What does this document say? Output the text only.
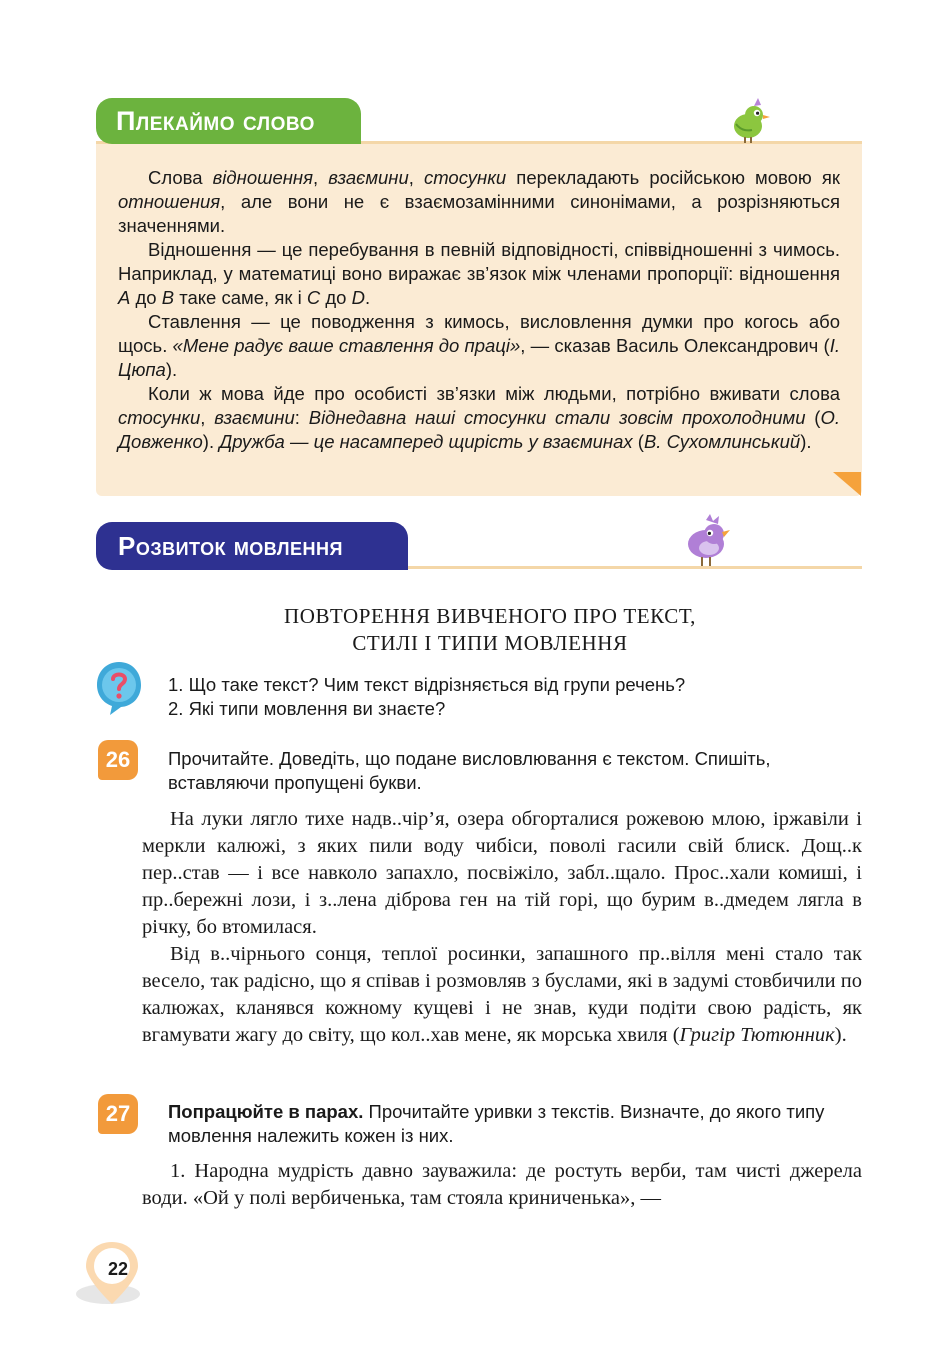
Плекаймо слово

Слова відношення, взаємини, стосунки перекладають російською мовою як отношения, але вони не є взаємозамінними синонімами, а розрізняються значеннями.

Відношення — це перебування в певній відповідності, співвідношенні з чимось. Наприклад, у математиці воно виражає зв’язок між членами пропорції: відношення A до B таке саме, як і C до D.

Ставлення — це поводження з кимось, висловлення думки про когось або щось. «Мене радує ваше ставлення до праці», — сказав Василь Олександрович (І. Цюпа).

Коли ж мова йде про особисті зв’язки між людьми, потрібно вживати слова стосунки, взаємини: Віднедавна наші стосунки стали зовсім прохолодними (О. Довженко). Дружба — це насамперед щирість у взаєминах (В. Сухомлинський).

Розвиток мовлення
ПОВТОРЕННЯ ВИВЧЕНОГО ПРО ТЕКСТ,
СТИЛІ І ТИПИ МОВЛЕННЯ
1. Що таке текст? Чим текст відрізняється від групи речень?
2. Які типи мовлення ви знаєте?
26	Прочитайте. Доведіть, що подане висловлювання є текстом. Спишіть, вставляючи пропущені букви.

На луки лягло тихе надв..чір’я, озера обгорталися рожевою млою, іржавіли і меркли калюжі, з яких пили воду чибіси, поволі гасили свій блиск. Дощ..к пер..став — і все навколо запахло, посвіжіло, забл..щало. Прос..хали комиші, і пр..бережні лози, і з..лена діброва ген на тій горі, що бурим в..дмедем лягла в річку, бо втомилася.

Від в..чірнього сонця, теплої росинки, запашного пр..вілля мені стало так весело, так радісно, що я співав і розмовляв з буслами, які в задумі стовбичили по калюжах, кланявся кожному кущеві і не знав, куди подіти свою радість, як вгамувати жагу до світу, що кол..хав мене, як морська хвиля (Григір Тютюнник).

27	Попрацюйте в парах. Прочитайте уривки з текстів. Визначте, до якого типу мовлення належить кожен із них.

1. Народна мудрість давно зауважила: де ростуть верби, там чисті джерела води. «Ой у полі вербиченька, там стояла криниченька», —

22
